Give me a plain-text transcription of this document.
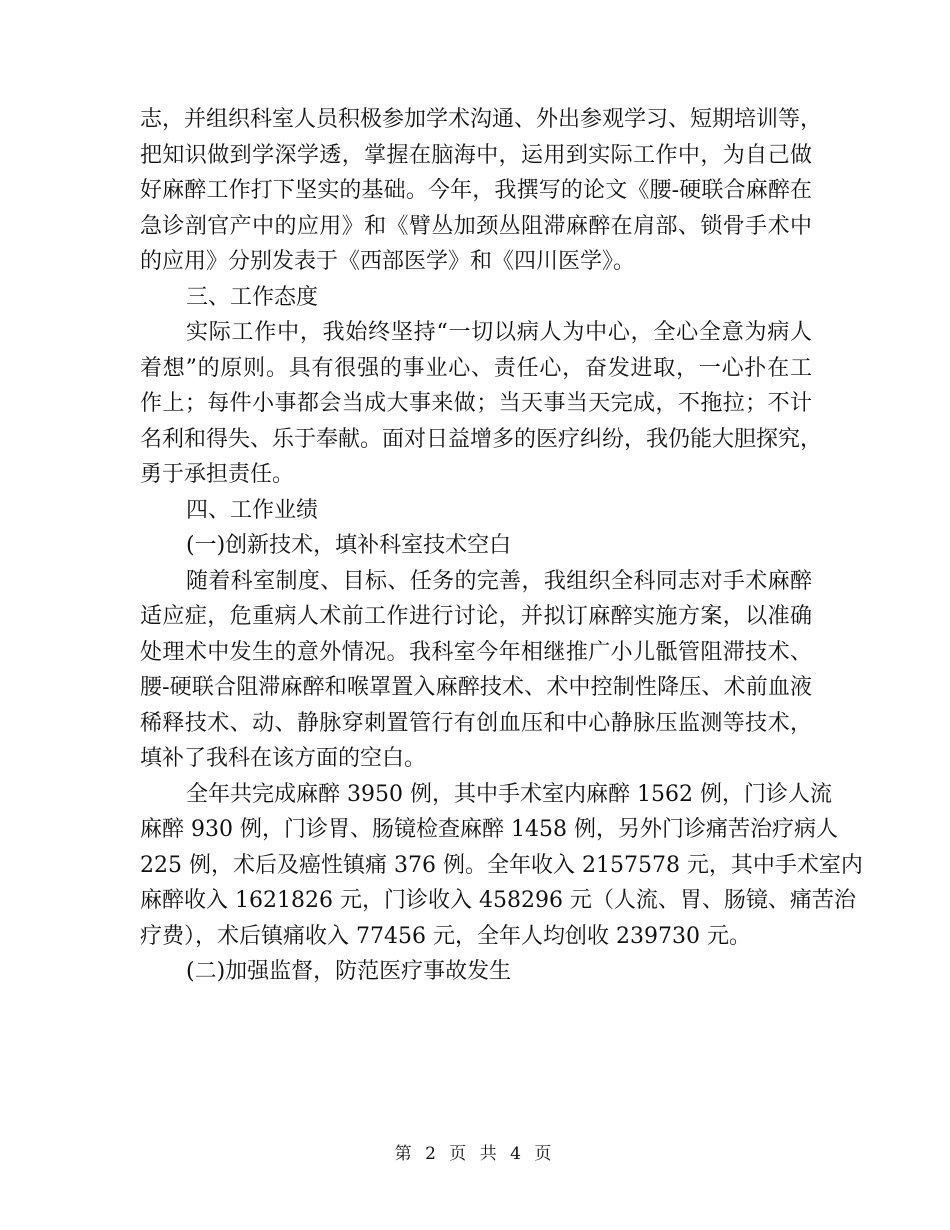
志，并组织科室人员积极参加学术沟通、外出参观学习、短期培训等，
把知识做到学深学透，掌握在脑海中，运用到实际工作中，为自己做
好麻醉工作打下坚实的基础。今年，我撰写的论文《腰-硬联合麻醉在
急诊剖官产中的应用》和《臂丛加颈丛阻滞麻醉在肩部、锁骨手术中
的应用》分别发表于《西部医学》和《四川医学》。
三、工作态度
实际工作中，我始终坚持“一切以病人为中心，全心全意为病人
着想”的原则。具有很强的事业心、责任心，奋发进取，一心扑在工
作上；每件小事都会当成大事来做；当天事当天完成，不拖拉；不计
名利和得失、乐于奉献。面对日益增多的医疗纠纷，我仍能大胆探究，
勇于承担责任。
四、工作业绩
(一)创新技术，填补科室技术空白
随着科室制度、目标、任务的完善，我组织全科同志对手术麻醉
适应症，危重病人术前工作进行讨论，并拟订麻醉实施方案，以准确
处理术中发生的意外情况。我科室今年相继推广小儿骶管阻滞技术、
腰-硬联合阻滞麻醉和喉罩置入麻醉技术、术中控制性降压、术前血液
稀释技术、动、静脉穿刺置管行有创血压和中心静脉压监测等技术，
填补了我科在该方面的空白。
全年共完成麻醉 3950 例，其中手术室内麻醉 1562 例，门诊人流
麻醉 930 例，门诊胃、肠镜检查麻醉 1458 例，另外门诊痛苦治疗病人
225 例，术后及癌性镇痛 376 例。全年收入 2157578 元，其中手术室内
麻醉收入 1621826 元，门诊收入 458296 元（人流、胃、肠镜、痛苦治
疗费），术后镇痛收入 77456 元，全年人均创收 239730 元。
(二)加强监督，防范医疗事故发生
第 2 页 共 4 页
